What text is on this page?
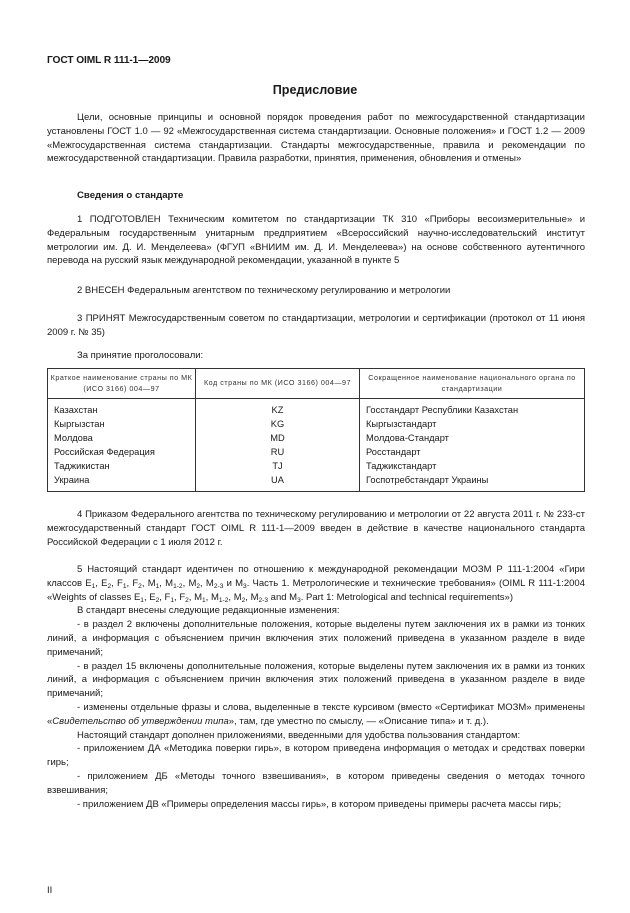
ГОСТ OIML R 111-1—2009
Предисловие

Цели, основные принципы и основной порядок проведения работ по межгосударственной стандартизации установлены ГОСТ 1.0 — 92 «Межгосударственная система стандартизации. Основные положения» и ГОСТ 1.2 — 2009 «Межгосударственная система стандартизации. Стандарты межгосударственные, правила и рекомендации по межгосударственной стандартизации. Правила разработки, принятия, применения, обновления и отмены»

Сведения о стандарте

1 ПОДГОТОВЛЕН Техническим комитетом по стандартизации ТК 310 «Приборы весоизмерительные» и Федеральным государственным унитарным предприятием «Всероссийский научно-исследовательский институт метрологии им. Д. И. Менделеева» (ФГУП «ВНИИМ им. Д. И. Менделеева») на основе собственного аутентичного перевода на русский язык международной рекомендации, указанной в пункте 5

2 ВНЕСЕН Федеральным агентством по техническому регулированию и метрологии

3 ПРИНЯТ Межгосударственным советом по стандартизации, метрологии и сертификации (протокол от 11 июня 2009 г. № 35)

За принятие проголосовали:
Краткое наименование страны по МК (ИСО 3166) 004—97	Код страны по МК (ИСО 3166) 004—97	Сокращенное наименование национального органа по стандартизации
Казахстан	KZ	Госстандарт Республики Казахстан
Кыргызстан	KG	Кыргызстандарт
Молдова	MD	Молдова-Стандарт
Российская Федерация	RU	Росстандарт
Таджикистан	TJ	Таджикстандарт
Украина	UA	Госпотребстандарт Украины

4 Приказом Федерального агентства по техническому регулированию и метрологии от 22 августа 2011 г. № 233-ст межгосударственный стандарт ГОСТ OIML R 111-1—2009 введен в действие в качестве национального стандарта Российской Федерации с 1 июля 2012 г.

5 Настоящий стандарт идентичен по отношению к международной рекомендации МОЗМ Р 111-1:2004 «Гири классов $E_1$, $E_2$, $F_1$, $F_2$, $M_1$, $M_{1-2}$, $M_2$, $M_{2-3}$ и $M_3$. Часть 1. Метрологические и технические требования» (OIML R 111-1:2004 «Weights of classes $E_1$, $E_2$, $F_1$, $F_2$, $M_1$, $M_{1-2}$, $M_2$, $M_{2-3}$ and $M_3$. Part 1: Metrological and technical requirements»)

В стандарт внесены следующие редакционные изменения:

- в раздел 2 включены дополнительные положения, которые выделены путем заключения их в рамки из тонких линий, а информация с объяснением причин включения этих положений приведена в указанном разделе в виде примечаний;

- в раздел 15 включены дополнительные положения, которые выделены путем заключения их в рамки из тонких линий, а информация с объяснением причин включения этих положений приведена в указанном разделе в виде примечаний;

- изменены отдельные фразы и слова, выделенные в тексте курсивом (вместо «Сертификат МОЗМ» применены «Свидетельство об утверждении типа», там, где уместно по смыслу, — «Описание типа» и т. д.).

Настоящий стандарт дополнен приложениями, введенными для удобства пользования стандартом:

- приложением ДА «Методика поверки гирь», в котором приведена информация о методах и средствах поверки гирь;

- приложением ДБ «Методы точного взвешивания», в котором приведены сведения о методах точного взвешивания;

- приложением ДВ «Примеры определения массы гирь», в котором приведены примеры расчета массы гирь;

II
